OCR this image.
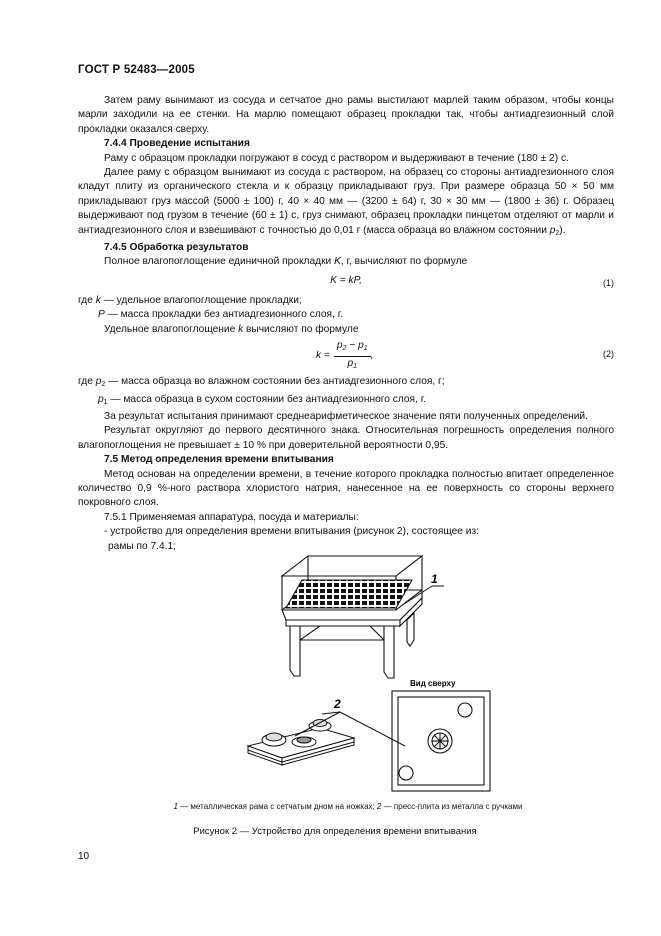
ГОСТ Р 52483—2005

Затем раму вынимают из сосуда и сетчатое дно рамы выстилают марлей таким образом, чтобы концы марли заходили на ее стенки. На марлю помещают образец прокладки так, чтобы антиадгезионный слой прокладки оказался сверху.

7.4.4 Проведение испытания

Раму с образцом прокладки погружают в сосуд с раствором и выдерживают в течение (180 ± 2) с.

Далее раму с образцом вынимают из сосуда с раствором, на образец со стороны антиадгезионного слоя кладут плиту из органического стекла и к образцу прикладывают груз. При размере образца 50 × 50 мм прикладывают груз массой (5000 ± 100) г, 40 × 40 мм — (3200 ± 64) г, 30 × 30 мм — (1800 ± 36) г. Образец выдерживают под грузом в течение (60 ± 1) с, груз снимают, образец прокладки пинцетом отделяют от марли и антиадгезионного слоя и взвешивают с точностью до 0,01 г (масса образца во влажном состоянии $p_2$).

7.4.5 Обработка результатов

Полное влагопоглощение единичной прокладки K, г, вычисляют по формуле

K = kP,	(1)

где k — удельное влагопоглощение прокладки;

P — масса прокладки без антиадгезионного слоя, г.

Удельное влагопоглощение k вычисляют по формуле

$k = \frac{p_2 - p_1}{p_1}$ ,	(2)

где $p_2$ — масса образца во влажном состоянии без антиадгезионного слоя, г;

$p_1$ — масса образца в сухом состоянии без антиадгезионного слоя, г.

За результат испытания принимают среднеарифметическое значение пяти полученных определений.

Результат округляют до первого десятичного знака. Относительная погрешность определения полного влагопоглощения не превышает ± 10 % при доверительной вероятности 0,95.

7.5 Метод определения времени впитывания

Метод основан на определении времени, в течение которого прокладка полностью впитает определенное количество 0,9 %-ного раствора хлористого натрия, нанесенное на ее поверхность со стороны верхнего покровного слоя.

7.5.1 Применяемая аппаратура, посуда и материалы:

- устройство для определения времени впитывания (рисунок 2), состоящее из:

рамы по 7.4.1;

1
2
Вид сверху
1 — металлическая рама с сетчатым дном на ножках; 2 — пресс-плита из металла с ручками
Рисунок 2 — Устройство для определения времени впитывания
10
